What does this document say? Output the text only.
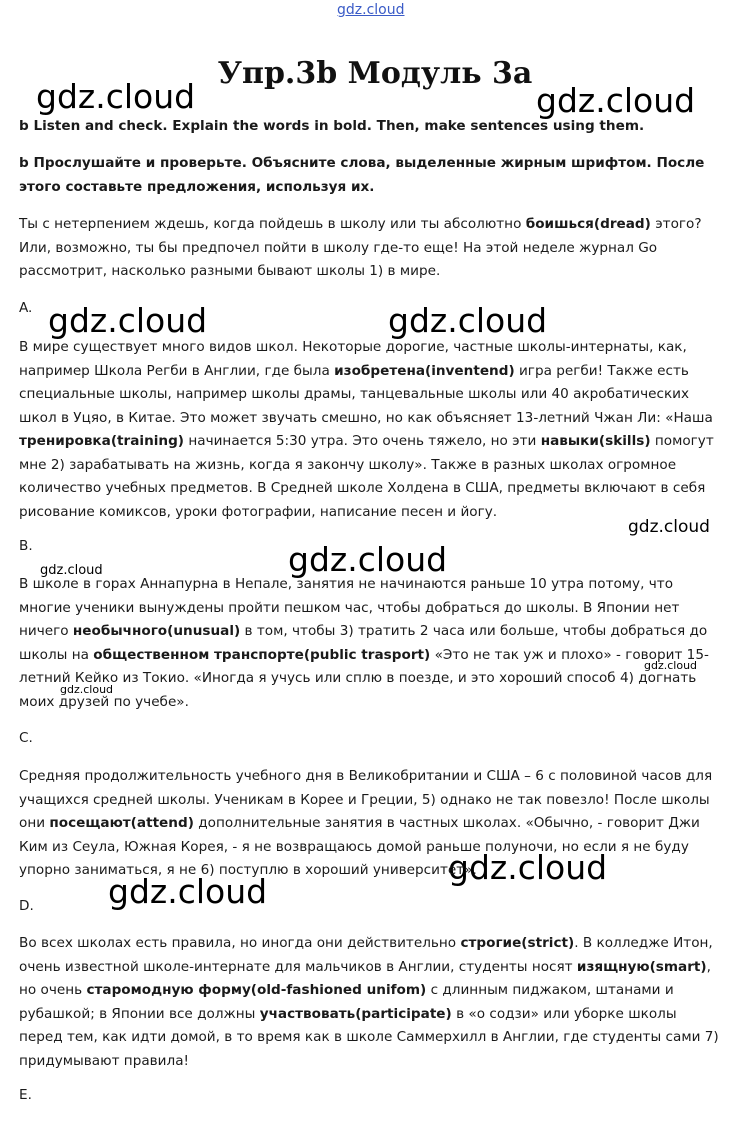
gdz.cloud
gdz.cloud	gdz.cloud
gdz.cloud	gdz.cloud
gdz.cloud
gdz.cloud	gdz.cloud
gdz.cloud
gdz.cloud
gdz.cloud
gdz.cloud
Упр.3b Модуль 3а

b Listen and check. Explain the words in bold. Then, make sentences using them.

b Прослушайте и проверьте. Объясните слова, выделенные жирным шрифтом. После этого составьте предложения, используя их.

Ты с нетерпением ждешь, когда пойдешь в школу или ты абсолютно боишься(dread) этого? Или, возможно, ты бы предпочел пойти в школу где-то еще! На этой неделе журнал Go рассмотрит, насколько разными бывают школы 1) в мире.

A.

В мире существует много видов школ. Некоторые дорогие, частные школы-интернаты, как, например Школа Регби в Англии, где была изобретена(inventend) игра регби! Также есть специальные школы, например школы драмы, танцевальные школы или 40 акробатических школ в Уцяо, в Китае. Это может звучать смешно, но как объясняет 13-летний Чжан Ли: «Наша тренировка(training) начинается 5:30 утра. Это очень тяжело, но эти навыки(skills) помогут мне 2) зарабатывать на жизнь, когда я закончу школу». Также в разных школах огромное количество учебных предметов. В Средней школе Холдена в США, предметы включают в себя рисование комиксов, уроки фотографии, написание песен и йогу.

B.

В школе в горах Аннапурна в Непале, занятия не начинаются раньше 10 утра потому, что многие ученики вынуждены пройти пешком час, чтобы добраться до школы. В Японии нет ничего необычного(unusual) в том, чтобы 3) тратить 2 часа или больше, чтобы добраться до школы на общественном транспорте(public trasport) «Это не так уж и плохо» - говорит 15-летний Кейко из Токио. «Иногда я учусь или сплю в поезде, и это хороший способ 4) догнать моих друзей по учебе».

C.

Средняя продолжительность учебного дня в Великобритании и США – 6 с половиной часов для учащихся средней школы. Ученикам в Корее и Греции, 5) однако не так повезло! После школы они посещают(attend) дополнительные занятия в частных школах. «Обычно, - говорит Джи Ким из Сеула, Южная Корея, - я не возвращаюсь домой раньше полуночи, но если я не буду упорно заниматься, я не 6) поступлю в хороший университет».

D.

Во всех школах есть правила, но иногда они действительно строгие(strict). В колледже Итон, очень известной школе-интернате для мальчиков в Англии, студенты носят изящную(smart), но очень старомодную форму(old-fashioned unifom) с длинным пиджаком, штанами и рубашкой; в Японии все должны участвовать(participate) в «о содзи» или уборке школы перед тем, как идти домой, в то время как в школе Саммерхилл в Англии, где студенты сами 7) придумывают правила!

E.
